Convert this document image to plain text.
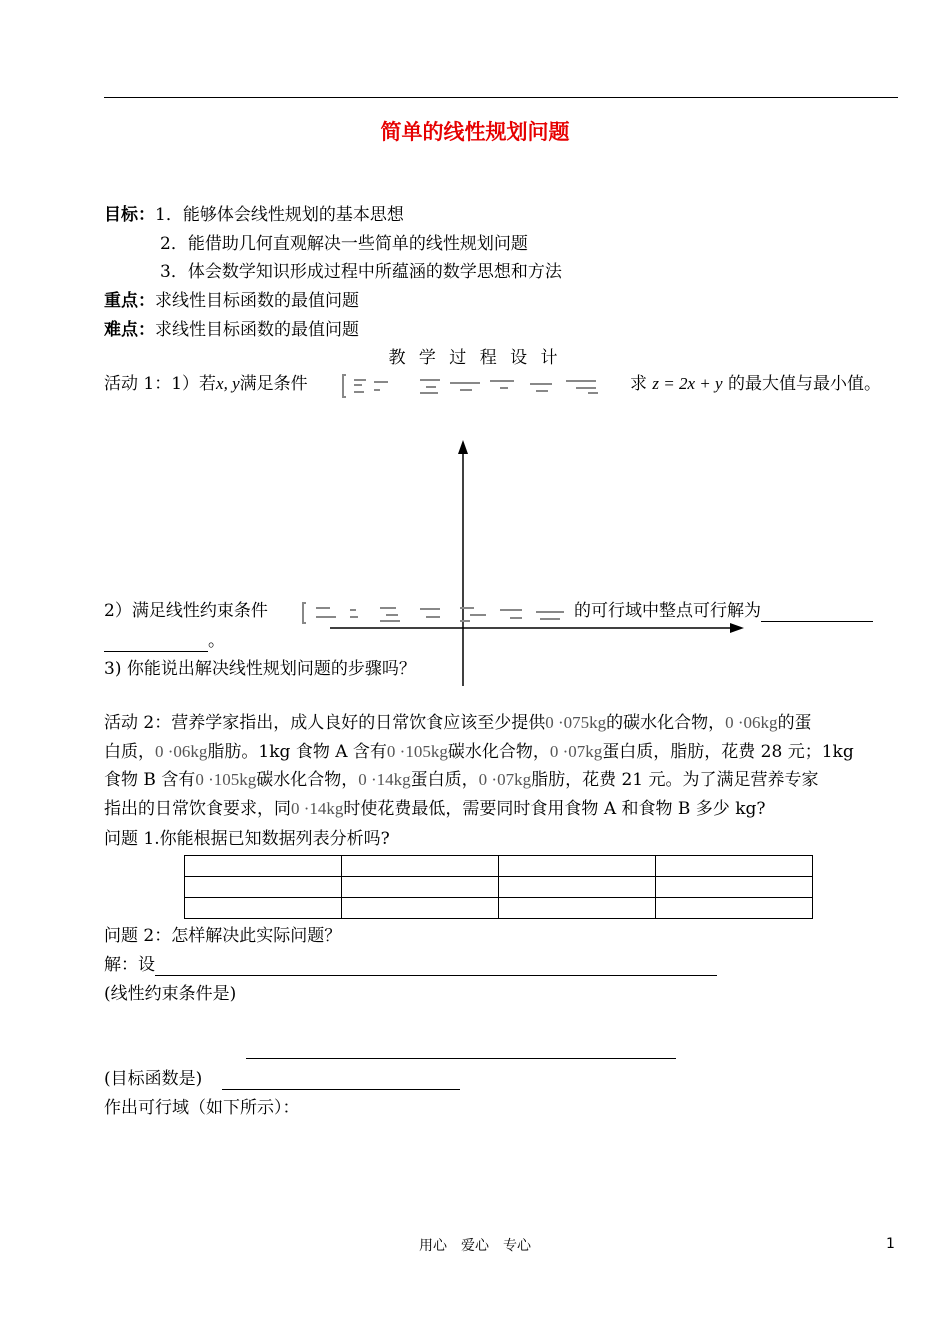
简单的线性规划问题
目标：1．能够体会线性规划的基本思想
2．能借助几何直观解决一些简单的线性规划问题
3．体会数学知识形成过程中所蕴涵的数学思想和方法
重点：求线性目标函数的最值问题
难点：求线性目标函数的最值问题
教 学 过 程 设 计
活动 1：1）若x, y满足条件	求 z = 2x + y 的最大值与最小值。
2）满足线性约束条件	的可行域中整点可行解为
。
3) 你能说出解决线性规划问题的步骤吗？
活动 2：营养学家指出，成人良好的日常饮食应该至少提供0 ·075kg的碳水化合物，0 ·06kg的蛋
白质，0 ·06kg脂肪。1kg 食物 A 含有0 ·105kg碳水化合物，0 ·07kg蛋白质，脂肪，花费 28 元；1kg
食物 B 含有0 ·105kg碳水化合物，0 ·14kg蛋白质，0 ·07kg脂肪，花费 21 元。为了满足营养专家
指出的日常饮食要求，同0 ·14kg时使花费最低，需要同时食用食物 A 和食物 B 多少 kg?
问题 1.你能根据已知数据列表分析吗?

问题 2：怎样解决此实际问题？
解：设
(线性约束条件是)
(目标函数是)
作出可行域（如下所示）：
用心　爱心　专心	1
